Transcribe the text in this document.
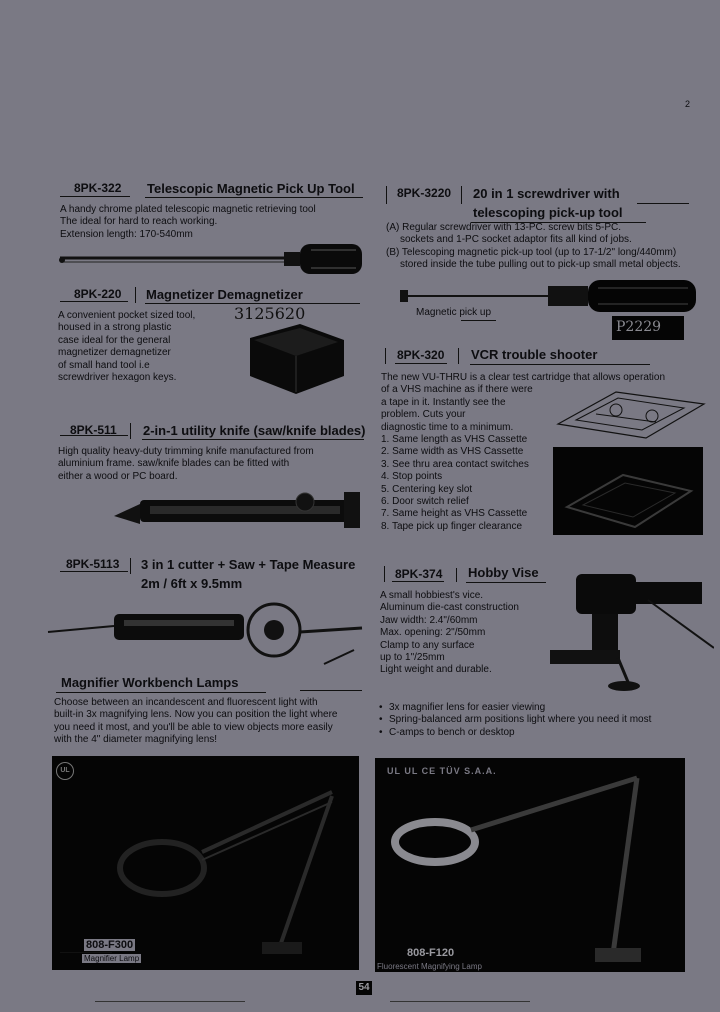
2
8PK-322 Telescopic Magnetic Pick Up Tool
A handy chrome plated telescopic magnetic retrieving tool
The ideal for hard to reach working.
Extension length: 170-540mm
8PK-220 Magnetizer Demagnetizer
A convenient pocket sized tool,
housed in a strong plastic
case ideal for the general
magnetizer demagnetizer
of small hand tool i.e
screwdriver hexagon keys.
3125620
8PK-511 2-in-1 utility knife (saw/knife blades)
High quality heavy-duty trimming knife manufactured from
aluminium frame. saw/knife blades can be fitted with
either a wood or PC board.
8PK-5113 3 in 1 cutter + Saw + Tape Measure
2m / 6ft x 9.5mm
8PK-3220 20 in 1 screwdriver with
telescoping pick-up tool
(A) Regular screwdriver with 13-PC. screw bits 5-PC.
sockets and 1-PC socket adaptor fits all kind of jobs.
(B) Telescoping magnetic pick-up tool (up to 17-1/2" long/440mm)
stored inside the tube pulling out to pick-up small metal objects.
Magnetic pick up
P2229
8PK-320 VCR trouble shooter
The new VU-THRU is a clear test cartridge that allows operation
of a VHS machine as if there were
a tape in it. Instantly see the
problem. Cuts your
diagnostic time to a minimum.
1. Same length as VHS Cassette
2. Same width as VHS Cassette
3. See thru area contact switches
4. Stop points
5. Centering key slot
6. Door switch relief
7. Same height as VHS Cassette
8. Tape pick up finger clearance
8PK-374 Hobby Vise
A small hobbiest's vice.
Aluminum die-cast construction
Jaw width: 2.4"/60mm
Max. opening: 2"/50mm
Clamp to any surface
up to 1"/25mm
Light weight and durable.
Magnifier Workbench Lamps
Choose between an incandescent and fluorescent light with
built-in 3x magnifying lens. Now you can position the light where
you need it most, and you'll be able to view objects more easily
with the 4" diameter magnifying lens!
• 3x magnifier lens for easier viewing
• Spring-balanced arm positions light where you need it most
• C-amps to bench or desktop
UL
808-F300
Magnifier Lamp
UL UL CE TÜV S.A.A.
808-F120
Fluorescent Magnifying Lamp
54
